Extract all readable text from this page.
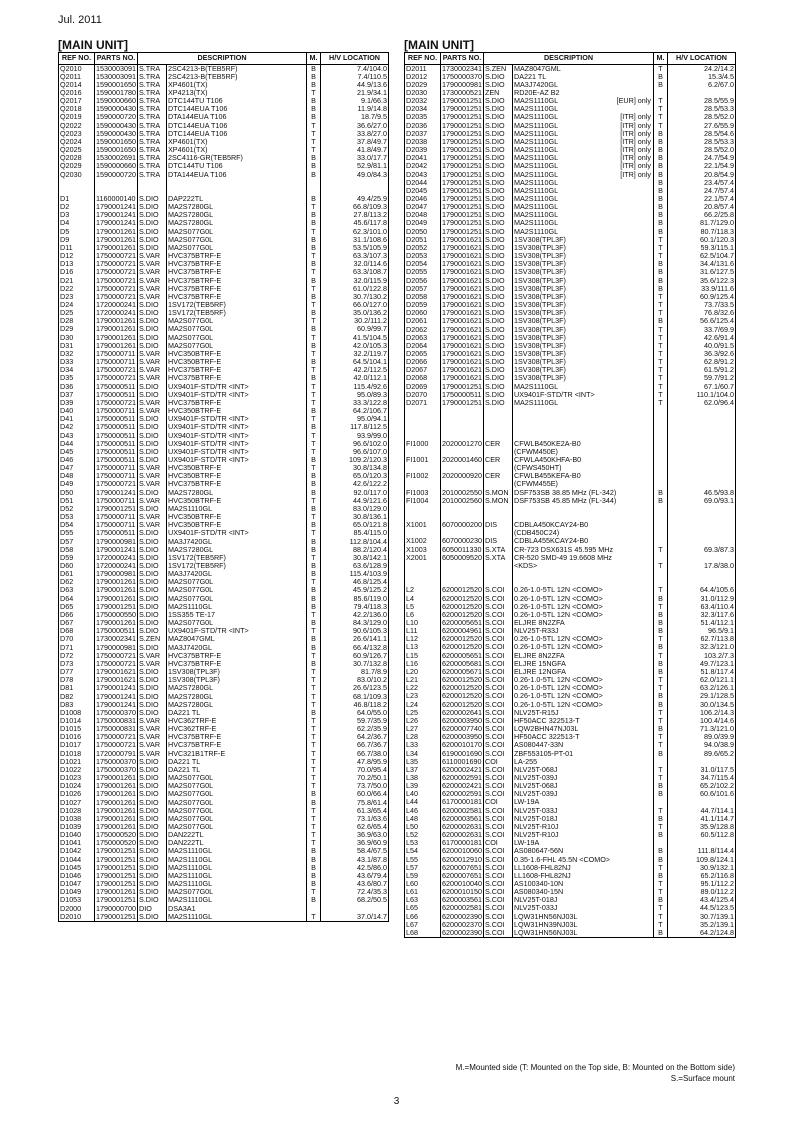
Jul. 2011
[MAIN UNIT]	[MAIN UNIT]
REF NO.	PARTS NO.	DESCRIPTION		M.	H/V LOCATION
Q2010	1530003091	S.TRA	2SC4213-B(TEB5RF)	B	7.4/104.0
Q2011	1530003091	S.TRA	2SC4213-B(TEB5RF)	B	7.4/110.5
Q2014	1590001650	S.TRA	XP4601(TX)	B	44.9/13.6
Q2016	1590001780	S.TRA	XP4213(TX)	T	21.9/34.1
Q2017	1590000660	S.TRA	DTC144TU T106	B	9.1/66.3
Q2018	1590000430	S.TRA	DTC144EUA T106	B	11.9/14.8
Q2019	1590000720	S.TRA	DTA144EUA T106	B	18.7/9.5
Q2022	1590000430	S.TRA	DTC144EUA T106	T	36.6/27.0
Q2023	1590000430	S.TRA	DTC144EUA T106	T	33.8/27.0
Q2024	1590001650	S.TRA	XP4601(TX)	T	37.8/49.7
Q2025	1590001650	S.TRA	XP4601(TX)	T	41.8/49.7
Q2028	1530002691	S.TRA	2SC4116-GR(TEB5RF)	B	33.0/17.7
Q2029	1590000660	S.TRA	DTC144TU T106	B	52.9/81.1
Q2030	1590000720	S.TRA	DTA144EUA T106	B	49.0/84.3

D1	1160000140	S.DIO	DAP222TL	B	49.4/25.9
D2	1790001241	S.DIO	MA2S7280GL	T	66.8/109.3
D3	1790001241	S.DIO	MA2S7280GL	B	27.8/113.2
D4	1790001241	S.DIO	MA2S7280GL	B	45.6/117.8
D5	1790001261	S.DIO	MA2S077G0L	T	62.3/101.0
D9	1790001261	S.DIO	MA2S077G0L	B	31.1/108.6
D11	1790001261	S.DIO	MA2S077G0L	B	53.5/105.9
D12	1750000721	S.VAR	HVC375BTRF-E	T	63.3/107.3
D13	1750000721	S.VAR	HVC375BTRF-E	B	32.0/114.6
D16	1750000721	S.VAR	HVC375BTRF-E	T	63.3/108.7
D21	1750000721	S.VAR	HVC375BTRF-E	B	32.0/115.9
D22	1750000721	S.VAR	HVC375BTRF-E	T	61.0/122.8
D23	1750000721	S.VAR	HVC375BTRF-E	B	30.7/130.2
D24	1720000241	S.DIO	1SV172(TEB5RF)	T	66.0/127.0
D25	1720000241	S.DIO	1SV172(TEB5RF)	B	35.0/136.2
D28	1790001261	S.DIO	MA2S077G0L	T	30.2/111.2
D29	1790001261	S.DIO	MA2S077G0L	B	60.9/99.7
D30	1790001261	S.DIO	MA2S077G0L	T	41.5/104.5
D31	1790001261	S.DIO	MA2S077G0L	B	42.0/105.3
D32	1750000711	S.VAR	HVC350BTRF-E	T	32.2/119.7
D33	1750000711	S.VAR	HVC350BTRF-E	B	64.5/104.1
D34	1750000721	S.VAR	HVC375BTRF-E	T	42.2/112.5
D35	1750000721	S.VAR	HVC375BTRF-E	B	42.0/112.1
D36	1750000511	S.DIO	UX9401F-STD/TR <INT>	T	115.4/92.6
D37	1750000511	S.DIO	UX9401F-STD/TR <INT>	T	95.0/89.3
D39	1750000721	S.VAR	HVC375BTRF-E	T	33.3/122.8
D40	1750000711	S.VAR	HVC350BTRF-E	B	64.2/106.7
D41	1750000511	S.DIO	UX9401F-STD/TR <INT>	T	95.0/94.1
D42	1750000511	S.DIO	UX9401F-STD/TR <INT>	B	117.8/112.5
D43	1750000511	S.DIO	UX9401F-STD/TR <INT>	T	93.9/99.0
D44	1750000511	S.DIO	UX9401F-STD/TR <INT>	T	96.6/102.0
D45	1750000511	S.DIO	UX9401F-STD/TR <INT>	T	96.6/107.0
D46	1750000511	S.DIO	UX9401F-STD/TR <INT>	B	109.2/120.3
D47	1750000711	S.VAR	HVC350BTRF-E	T	30.8/134.8
D48	1750000711	S.VAR	HVC350BTRF-E	B	65.0/120.3
D49	1750000721	S.VAR	HVC375BTRF-E	B	42.6/122.2
D50	1790001241	S.DIO	MA2S7280GL	B	92.0/117.0
D51	1750000711	S.VAR	HVC350BTRF-E	T	44.9/121.6
D52	1790001251	S.DIO	MA2S1110GL	B	83.0/129.0
D53	1750000711	S.VAR	HVC350BTRF-E	T	30.8/136.1
D54	1750000711	S.VAR	HVC350BTRF-E	B	65.0/121.8
D55	1750000511	S.DIO	UX9401F-STD/TR <INT>	T	85.4/115.0
D57	1790000981	S.DIO	MA3J7420GL	B	112.8/104.4
D58	1790001241	S.DIO	MA2S7280GL	B	88.2/120.4
D59	1720000241	S.DIO	1SV172(TEB5RF)	T	30.8/142.1
D60	1720000241	S.DIO	1SV172(TEB5RF)	B	63.6/128.9
D61	1790000981	S.DIO	MA3J7420GL	B	115.4/103.9
D62	1790001261	S.DIO	MA2S077G0L	T	46.8/125.4
D63	1790001261	S.DIO	MA2S077G0L	B	45.9/125.2
D64	1790001261	S.DIO	MA2S077G0L	B	85.6/119.0
D65	1790001251	S.DIO	MA2S1110GL	B	79.4/118.3
D66	1750000550	S.DIO	1SS355 TE-17	T	42.2/136.0
D67	1790001261	S.DIO	MA2S077G0L	B	84.3/129.0
D68	1750000511	S.DIO	UX9401F-STD/TR <INT>	T	90.6/105.3
D70	1730002341	S.ZEN	MAZ8047GML	B	26.6/141.1
D71	1790000981	S.DIO	MA3J7420GL	B	66.4/132.8
D72	1750000721	S.VAR	HVC375BTRF-E	T	60.9/126.7
D73	1750000721	S.VAR	HVC375BTRF-E	B	30.7/132.8
D77	1790001621	S.DIO	1SV308(TPL3F)	T	81.7/8.9
D78	1790001621	S.DIO	1SV308(TPL3F)	T	83.0/10.2
D81	1790001241	S.DIO	MA2S7280GL	T	26.6/123.5
D82	1790001241	S.DIO	MA2S7280GL	T	68.1/109.3
D83	1790001241	S.DIO	MA2S7280GL	T	46.8/118.2
D1008	1750000370	S.DIO	DA221 TL	B	64.0/55.0
D1014	1750000831	S.VAR	HVC362TRF-E	T	59.7/35.9
D1015	1750000831	S.VAR	HVC362TRF-E	T	62.2/35.9
D1016	1750000721	S.VAR	HVC375BTRF-E	T	64.2/36.7
D1017	1750000721	S.VAR	HVC375BTRF-E	T	66.7/36.7
D1018	1720000791	S.VAR	HVC321B1TRF-E	T	66.7/38.0
D1021	1750000370	S.DIO	DA221 TL	T	47.8/95.9
D1022	1750000370	S.DIO	DA221 TL	T	70.0/95.4
D1023	1790001261	S.DIO	MA2S077G0L	T	70.2/50.1
D1024	1790001261	S.DIO	MA2S077G0L	T	73.7/50.0
D1026	1790001261	S.DIO	MA2S077G0L	B	60.0/66.4
D1027	1790001261	S.DIO	MA2S077G0L	B	75.8/61.4
D1028	1790001261	S.DIO	MA2S077G0L	T	61.3/65.4
D1038	1790001261	S.DIO	MA2S077G0L	T	73.1/63.6
D1039	1790001261	S.DIO	MA2S077G0L	T	62.6/65.4
D1040	1750000520	S.DIO	DAN222TL	T	36.9/63.0
D1041	1750000520	S.DIO	DAN222TL	T	36.9/60.9
D1042	1790001251	S.DIO	MA2S1110GL	B	58.4/67.5
D1044	1790001251	S.DIO	MA2S1110GL	B	43.1/87.8
D1045	1790001251	S.DIO	MA2S1110GL	B	42.5/86.0
D1046	1790001251	S.DIO	MA2S1110GL	B	43.6/79.4
D1047	1790001251	S.DIO	MA2S1110GL	B	43.6/80.7
D1049	1790001261	S.DIO	MA2S077G0L	T	72.4/35.3
D1053	1790001251	S.DIO	MA2S1110GL	B	68.2/50.5
D2000	1790000700	DIO	DSA3A1

D2010	1790001251	S.DIO	MA2S1110GL	T	37.0/14.7
REF NO.	PARTS NO.	DESCRIPTION		M.	H/V LOCATION
D2011	1730002341	S.ZEN	MAZ8047GML	T	24.2/14.2
D2012	1750000370	S.DIO	DA221 TL	B	15.3/4.5
D2029	1790000981	S.DIO	MA3J7420GL	B	6.2/67.0
D2030	1730000521	ZEN	RD20E-AZ B2

D2032	1790001251	S.DIO	MA2S1110GL [EUR] only	T	28.5/55.9
D2034	1790001251	S.DIO	MA2S1110GL	T	28.5/53.3
D2035	1790001251	S.DIO	MA2S1110GL [ITR] only	T	28.5/52.0
D2036	1790001251	S.DIO	MA2S1110GL [ITR] only	T	27.6/55.9
D2037	1790001251	S.DIO	MA2S1110GL [ITR] only	B	28.5/54.6
D2038	1790001251	S.DIO	MA2S1110GL [ITR] only	B	28.5/53.3
D2039	1790001251	S.DIO	MA2S1110GL [ITR] only	B	28.5/52.0
D2041	1790001251	S.DIO	MA2S1110GL [ITR] only	B	24.7/54.9
D2042	1790001251	S.DIO	MA2S1110GL [ITR] only	B	22.1/54.9
D2043	1790001251	S.DIO	MA2S1110GL [ITR] only	B	20.8/54.9
D2044	1790001251	S.DIO	MA2S1110GL	B	23.4/57.4
D2045	1790001251	S.DIO	MA2S1110GL	B	24.7/57.4
D2046	1790001251	S.DIO	MA2S1110GL	B	22.1/57.4
D2047	1790001251	S.DIO	MA2S1110GL	B	20.8/57.4
D2048	1790001251	S.DIO	MA2S1110GL	B	66.2/25.8
D2049	1790001251	S.DIO	MA2S1110GL	B	81.7/129.0
D2050	1790001251	S.DIO	MA2S1110GL	B	80.7/118.3
D2051	1790001621	S.DIO	1SV308(TPL3F)	T	60.1/120.3
D2052	1790001621	S.DIO	1SV308(TPL3F)	T	59.3/115.1
D2053	1790001621	S.DIO	1SV308(TPL3F)	T	62.5/104.7
D2054	1790001621	S.DIO	1SV308(TPL3F)	B	34.4/131.6
D2055	1790001621	S.DIO	1SV308(TPL3F)	B	31.6/127.5
D2056	1790001621	S.DIO	1SV308(TPL3F)	B	35.6/122.3
D2057	1790001621	S.DIO	1SV308(TPL3F)	B	33.9/111.6
D2058	1790001621	S.DIO	1SV308(TPL3F)	T	60.9/125.4
D2059	1790001621	S.DIO	1SV308(TPL3F)	T	73.7/33.5
D2060	1790001621	S.DIO	1SV308(TPL3F)	T	76.8/32.6
D2061	1790001621	S.DIO	1SV308(TPL3F)	B	56.6/125.4
D2062	1790001621	S.DIO	1SV308(TPL3F)	T	33.7/69.9
D2063	1790001621	S.DIO	1SV308(TPL3F)	T	42.6/91.4
D2064	1790001621	S.DIO	1SV308(TPL3F)	T	40.0/91.5
D2065	1790001621	S.DIO	1SV308(TPL3F)	T	36.3/92.6
D2066	1790001621	S.DIO	1SV308(TPL3F)	T	62.8/91.2
D2067	1790001621	S.DIO	1SV308(TPL3F)	T	61.5/91.2
D2068	1790001621	S.DIO	1SV308(TPL3F)	T	59.7/91.2
D2069	1790001251	S.DIO	MA2S1110GL	T	67.1/60.7
D2070	1750000511	S.DIO	UX9401F-STD/TR <INT>	T	110.1/104.0
D2071	1790001251	S.DIO	MA2S1110GL	T	62.0/96.4

FI1000	2020001270	CER	CFWLB450KE2A-B0

			(CFWM450E)

FI1001	2020001460	CER	CFWLA450KHFA-B0

			(CFWS450HT)

FI1002	2020000920	CER	CFWLB455KEFA-B0

			(CFWM455E)

FI1003	2010002550	S.MON	DSF753SB 38.85 MHz (FL-342)	B	46.5/93.8
FI1004	2010002560	S.MON	DSF753SB 45.85 MHz (FL-344)	B	69.0/93.1

X1001	6070000200	DIS	CDBLA450KCAY24-B0

			(CDB450C24)

X1002	6070000230	DIS	CDBLA455KCAY24-B0

X1003	6050011330	S.XTA	CR-723 DSX631S 45.595 MHz	T	69.3/87.3
X2001	6050009520	S.XTA	CR-520 SMD-49 19.6608 MHz

			<KDS>	T	17.8/38.0

L2	6200012520	S.COI	0.26-1.0-5TL 12N <COMO>	T	64.4/105.6
L4	6200012520	S.COI	0.26-1.0-5TL 12N <COMO>	B	31.0/112.9
L5	6200012520	S.COI	0.26-1.0-5TL 12N <COMO>	T	63.4/110.4
L6	6200012520	S.COI	0.26-1.0-5TL 12N <COMO>	B	32.3/117.6
L10	6200005651	S.COI	ELJRE 8N2ZFA	B	51.4/112.1
L11	6200004961	S.COI	NLV25T-R33J	B	96.5/9.1
L12	6200012520	S.COI	0.26-1.0-5TL 12N <COMO>	T	62.7/113.8
L13	6200012520	S.COI	0.26-1.0-5TL 12N <COMO>	B	32.3/121.0
L15	6200005651	S.COI	ELJRE 8N2ZFA	T	103.2/7.3
L16	6200005681	S.COI	ELJRE 15NGFA	B	49.7/123.1
L20	6200005671	S.COI	ELJRE 12NGFA	B	51.8/117.4
L21	6200012520	S.COI	0.26-1.0-5TL 12N <COMO>	T	62.0/121.1
L22	6200012520	S.COI	0.26-1.0-5TL 12N <COMO>	T	63.2/126.1
L23	6200012520	S.COI	0.26-1.0-5TL 12N <COMO>	B	29.1/128.5
L24	6200012520	S.COI	0.26-1.0-5TL 12N <COMO>	B	30.0/134.5
L25	6200002641	S.COI	NLV25T-R15J	T	106.2/14.3
L26	6200003950	S.COI	HF50ACC 322513-T	T	100.4/14.6
L27	6200007740	S.COI	LQW2BHN47NJ03L	B	71.3/121.0
L28	6200003950	S.COI	HF50ACC 322513-T	T	89.0/39.9
L33	6200010170	S.COI	AS080447-33N	T	94.0/38.9
L34	6190001690	S.COI	ZBF553105-PT-01	B	89.6/65.2
L35	6110001690	COI	LA-255

L37	6200002421	S.COI	NLV25T-068J	T	31.0/117.5
L38	6200002591	S.COI	NLV25T-039J	T	34.7/115.4
L39	6200002421	S.COI	NLV25T-068J	B	65.2/102.2
L40	6200002591	S.COI	NLV25T-039J	B	60.6/101.6
L44	6170000181	COI	LW-19A

L46	6200002581	S.COI	NLV25T-033J	T	44.7/114.1
L48	6200003561	S.COI	NLV25T-018J	B	41.1/114.7
L50	6200002631	S.COI	NLV25T-R10J	T	35.9/128.8
L52	6200002631	S.COI	NLV25T-R10J	B	60.5/112.8
L53	6170000181	COI	LW-19A

L54	6200010060	S.COI	AS080647-56N	B	111.8/114.4
L55	6200012910	S.COI	0.35-1.6-FHL 45.5N <COMO>	B	109.8/124.1
L57	6200007651	S.COI	LL1608-FHL82NJ	T	30.9/132.1
L59	6200007651	S.COI	LL1608-FHL82NJ	B	65.2/116.8
L60	6200010040	S.COI	AS100340-10N	T	95.1/112.2
L61	6200010150	S.COI	AS080340-15N	T	89.0/112.2
L63	6200003561	S.COI	NLV25T-018J	B	43.4/125.4
L65	6200002581	S.COI	NLV25T-033J	T	44.5/123.5
L66	6200002390	S.COI	LQW31HN56NJ03L	T	30.7/139.1
L67	6200002370	S.COI	LQW31HN39NJ03L	T	35.2/139.1
L68	6200002390	S.COI	LQW31HN56NJ03L	B	64.2/124.8
M.=Mounted side (T: Mounted on the Top side, B: Mounted on the Bottom side)
S.=Surface mount
3
